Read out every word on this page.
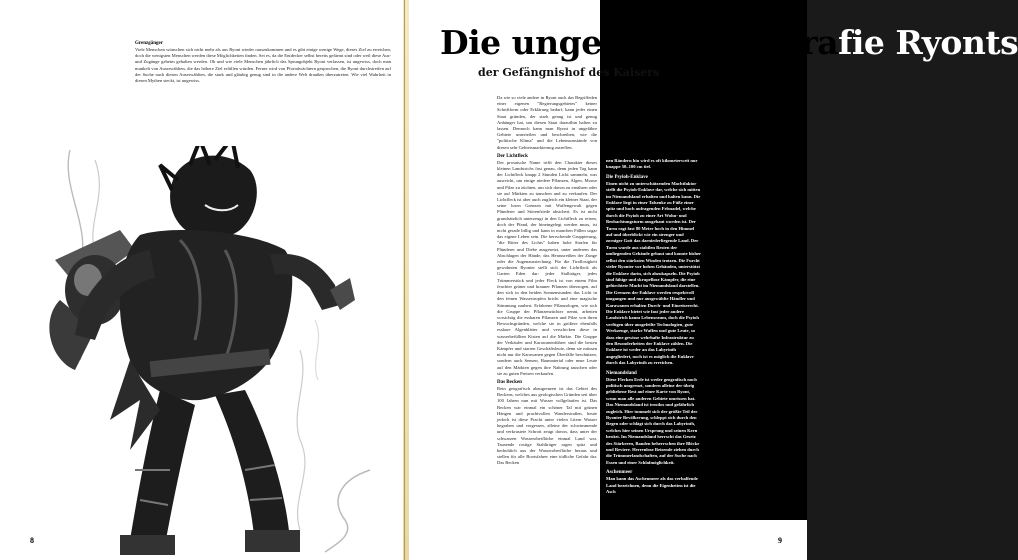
Grenzgänger

Viele Menschen wünschen sich nicht mehr als aus Ryont wieder rauszukommen und es gibt einige wenige Wege, dieses Ziel zu erreichen, doch die wenigsten Menschen werden diese Möglichkeiten finden. Sei es, da die Entdecker selbst bereits gefärmt sind oder weil diese Aus- und Zugänge geheim gehalten werden. Oh und wie viele Menschen jährlich das Sprungobjekt Ryont verlassen, ist ungewiss, doch man munkelt von Auserwählten, die das höhere Ziel erfüllen würden. Ferner wird von Pfortalwächtern gesprochen, die Ryont durchstreifen auf der Suche nach diesen Auserwählten, die stark und gläubig genug sind in die andere Welt draußen überzutreten. Wie viel Wahrheit in diesen Mythen steckt, ist ungewiss.

8
Die ungefähre Geografie Ryonts
der Gefängnishof des Kaisers

Da wie so viele andere in Ryont auch das Begriffeden einer eigenen "Regierungsgebietes" keiner Schriftform oder Erklärung bedarf, kann jeder einen Staat gründen, der stark genug ist und genug Anhänger hat, um diesen Staat daraufhin halten zu lassen. Dennoch kann man Ryont in ungefähre Gebiete unterteilen und beschreiben, wie die "politische Klima" und die Lebensumstände von diesen sehr Gebietsmarkierung zutreffen.

Der Lichtfleck

Der prosaische Name trifft den Charakter dieses kleinen Landstrichs fast genau, denn jeden Tag kann der Lichtfleck knapp 2 Stunden Licht sammeln, was ausreicht, um einige niedere Pflanzen, Algen, Moose und Pilze zu züchten, um sich davon zu ernähren oder sie auf Märkten zu tauschen und zu verkaufen. Der Lichtfleck ist aber auch zugleich ein kleiner Staat, der seine losen Grenzen mit Waffengewalt gegen Plünderer und Störenfriede absichert. Es ist nicht grundsätzlich unterzeugt in den Lichtfleck zu reisen, doch der Pfand, der hineingelegt werden muss, ist nicht gerade billig und kann in manchen Fällen sogar das eigene Leben sein. Die herrschende Gruppierung, "die Ritter des Lichts" haben hohe Strafen für Plünderer und Diebe ausgesetzt, unter anderem das Abschlagen der Hände, das Herausreißen der Zunge oder die Augenausstechung. Für die Tiraflosigkeit gewohnten Ryonter stellt sich der Lichtfleck als Garten Eden dar: jeder Stallträger, jedes Trümmerstück und jeder Fleck ist von einem Film feuchter grüner und brauner Pflanzen überzogen, auf den sich in den beiden Sonnenstunden das Licht in den feinen Wassertropfen bricht und eine magische Stimmung zaubert. Erfahrene Pflanzologen, wie sich die Gruppe der Pflanzenzüchter nennt, arbeiten vorsichtig die essbaren Pflanzen und Pilze von ihren Bewuchsgründen, welche sie in größere ebenfalls essbare Algenblätter und verschicken diese in wasserbefüllten Kisten auf die Märkte. Die Gruppe der Verkäufer und Karawanenführer sind die besten Kämpfer und starren Geschäftsleute, denn sie müssen nicht nur die Karawanen gegen Überfälle beschützen, sondern auch Sensen, Baumaterial oder neue Leute auf den Märkten gegen ihre Nahrung tauschen oder sie zu guten Preisen verkaufen.

Das Becken

Rein geografisch abzugrenzen ist das Gebiet des Beckens, welches aus geologischen Gründen seit über 100 Jahren nun mit Wasser vollgelaufen ist. Das Becken war einmal ein schöner Tal mit grünen Hängen und prachtvollen Wanderstraßen, heute jedoch ist diese Pracht unter vielen Litern Wasser begraben und vergessen, alleine der schwimmende und verkrustete Schrott zeugt davon, dass unter der schwarzen Wasseroberfläche einmal Land war. Tausende rostige Stahlträger ragen spitz und bedrohlich aus der Wasseroberfläche heraus und stellen für alle Bootsfahrer eine tödliche Gefahr dar. Das Becken

nen Rändern hin wird es oft kilometerweit nur knappe 50–100 cm tief.

Die Psyioh-Enklave

Einen nicht zu unterschätzenden Machtfaktor stellt die Psyioh-Enklave dar, welche sich mitten im Niemandsland erhalten und halten kann. Die Enklave liegt in einer Talsenke zu Füße einer spitz und hoch aufragenden Felsnadel, welche durch die Psyioh zu einer Art Wohn- und Beobachtungsturm ausgebaut worden ist. Der Turm ragt fast 80 Meter hoch in den Himmel auf und überblickt wie ein strenger und zorniger Gott das darniederliegende Land. Der Turm wurde aus stabilen Resten der umliegenden Gebäude gebaut und konnte bisher selbst den stärksten Winden trotzen. Die Furcht vieler Ryonter vor hohen Gebäuden, unterstützt die Enklave darin, sich abzukapseln. Die Psyioh sind fähige und skrupellose Kämpfer, die eine gefürchtete Macht im Niemandsland darstellen. Die Grenzen der Enklave werden respektvoll umgangen und nur ausgewählte Händler und Karawanen erhalten Durch- und Einreiserecht. Die Enklave bietet wie fast jeder andere Landstrich kaum Lebensraum, doch die Psyioh verfügen über ausgefeilte Technologien, gute Werkzeuge, starke Waffen und gute Leute, so dass eine gewisse wehrhafte Infrastruktur zu den Besonderheiten der Enklave zählen. Die Enklave ist weder an das Labyrinth angegliedert, noch ist es möglich die Enklave durch das Labyrinth zu erreichen.

Niemandsland

Diese Flecken Erde ist weder geografisch noch politisch umgrenzt, sondern alleine der übrig gebliebene Rest auf einer Karte von Ryont, wenn man alle anderen Gebiete umrissen hat. Das Niemandsland ist trostlos und gefährlich zugleich. Hier tummelt sich der größte Teil der Ryonter Bevölkerung, schleppt sich durch den Regen oder schlägt sich durch das Labyrinth, welches hier seinen Ursprung und seinen Kern besitzt. Im Niemandsland herrscht das Gesetz des Stärkeren, Banden beherrschen ihre Blöcke und Reviere. Herrenlose Reisende ziehen durch die Trümmerlandschaften, auf der Suche nach Essen und einer Schlafmöglichkeit.

Aschenmeer

Man kann das Aschenmeer als das verbalfende Land bezeichnen, denn die Eigenheiten ist die Asch

9
